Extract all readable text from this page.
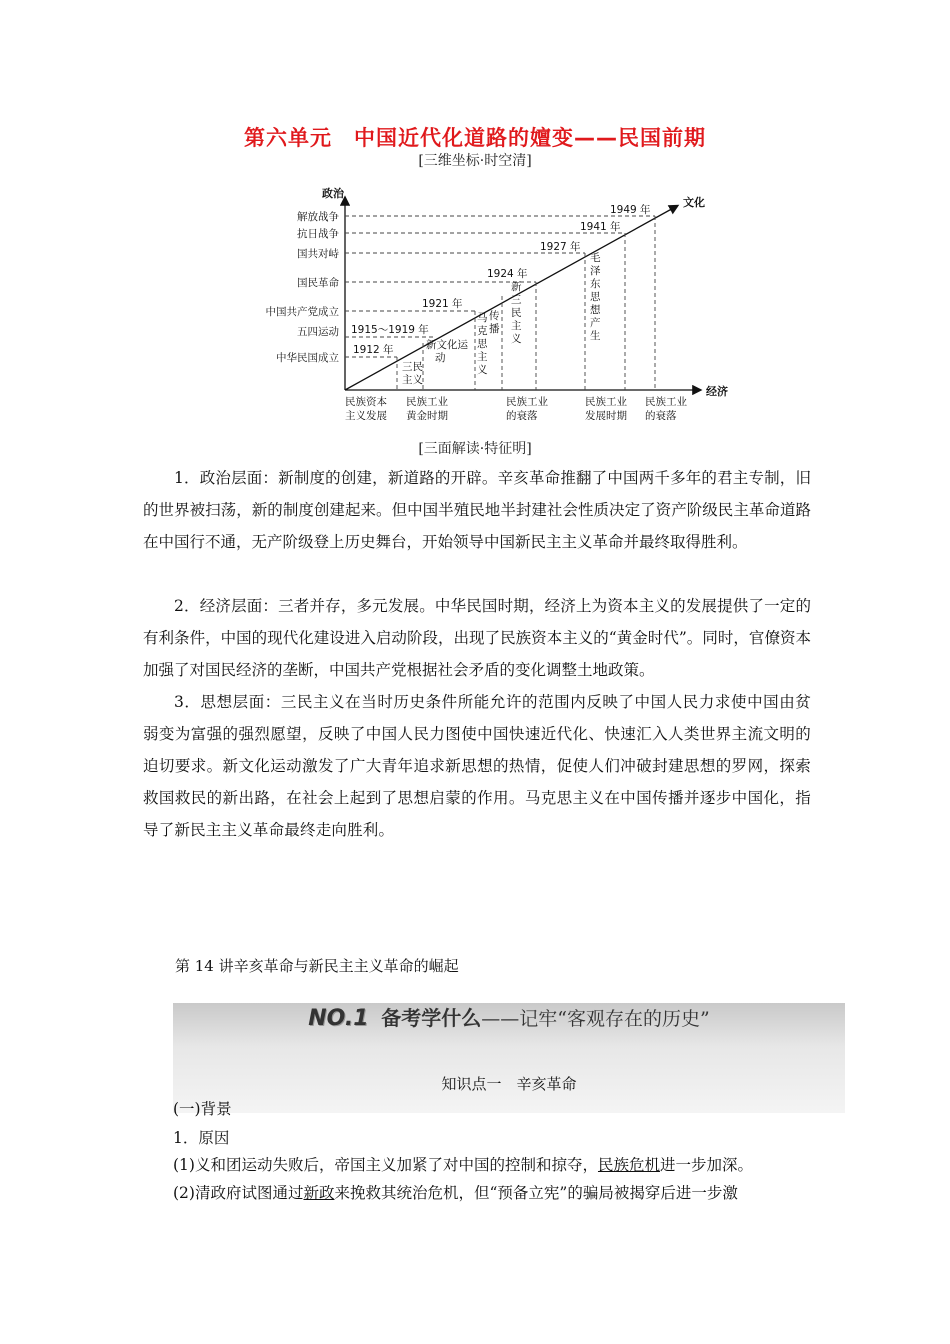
第六单元　中国近代化道路的嬗变——民国前期
[三维坐标·时空清]
政治
经济
文化
解放战争
抗日战争
国共对峙
国民革命
中国共产党成立
五四运动
中华民国成立
1949 年
1941 年
1927 年
1924 年
1921 年
1915～1919 年
1912 年
三民
主义
新文化运
动
马
克
思
主
义
传
播
新
三
民
主
义
毛
泽
东
思
想
产
生
民族资本
主义发展
民族工业
黄金时期
民族工业
的衰落
民族工业
发展时期
民族工业
的衰落
[三面解读·特征明]

1．政治层面：新制度的创建，新道路的开辟。辛亥革命推翻了中国两千多年的君主专制，旧的世界被扫荡，新的制度创建起来。但中国半殖民地半封建社会性质决定了资产阶级民主革命道路在中国行不通，无产阶级登上历史舞台，开始领导中国新民主主义革命并最终取得胜利。

2．经济层面：三者并存，多元发展。中华民国时期，经济上为资本主义的发展提供了一定的有利条件，中国的现代化建设进入启动阶段，出现了民族资本主义的“黄金时代”。同时，官僚资本加强了对国民经济的垄断，中国共产党根据社会矛盾的变化调整土地政策。

3．思想层面：三民主义在当时历史条件所能允许的范围内反映了中国人民力求使中国由贫弱变为富强的强烈愿望，反映了中国人民力图使中国快速近代化、快速汇入人类世界主流文明的迫切要求。新文化运动激发了广大青年追求新思想的热情，促使人们冲破封建思想的罗网，探索救国救民的新出路，在社会上起到了思想启蒙的作用。马克思主义在中国传播并逐步中国化，指导了新民主主义革命最终走向胜利。

第 14 讲辛亥革命与新民主主义革命的崛起
NO.1 备考学什么——记牢“客观存在的历史”
知识点一　辛亥革命
(一)背景
1．原因
(1)义和团运动失败后，帝国主义加紧了对中国的控制和掠夺，民族危机进一步加深。
(2)清政府试图通过新政来挽救其统治危机，但“预备立宪”的骗局被揭穿后进一步激
